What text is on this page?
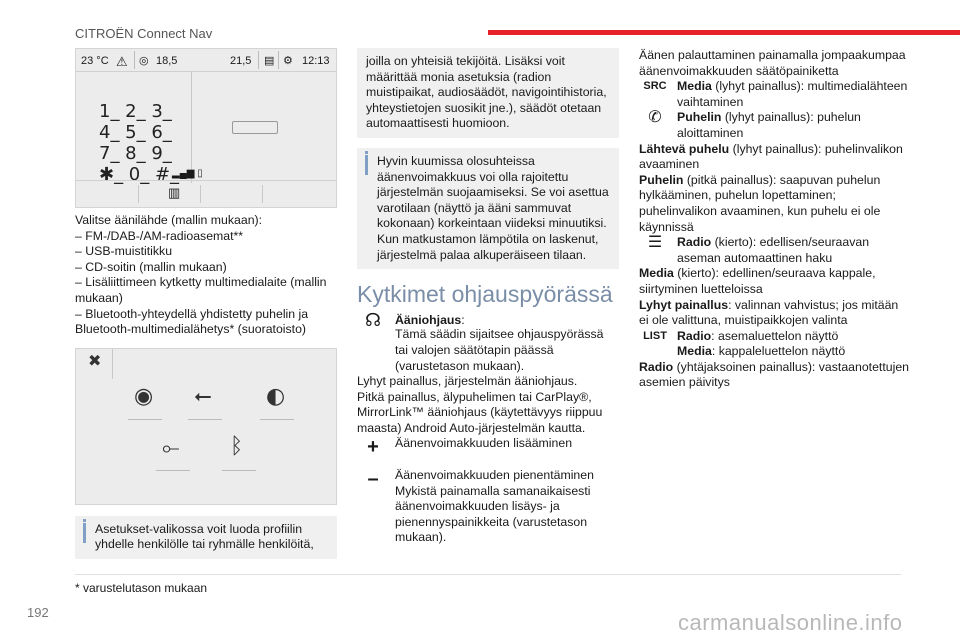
CITROËN Connect Nav
23 °C ⚠ ◎ 18,5	21,5 ▤ ⚙ 12:13
1_ 2_ 3_
4_ 5_ 6_
7_ 8_ 9_
✱_ 0_ #_
▂▄▆ ▯
▥

Valitse äänilähde (mallin mukaan):

– FM-/DAB-/AM-radioasemat**

– USB-muistitikku

– CD-soitin (mallin mukaan)

– Lisäliittimeen kytketty multimedialaite (mallin mukaan)

– Bluetooth-yhteydellä yhdistetty puhelin ja Bluetooth-multimedialähetys* (suoratoisto)

✖
◉ ⭠ ◐
⟜ ᛒ

Asetukset-valikossa voit luoda profiilin yhdelle henkilölle tai ryhmälle henkilöitä,

joilla on yhteisiä tekijöitä. Lisäksi voit määrittää monia asetuksia (radion muistipaikat, audiosäädöt, navigointihistoria, yhteystietojen suosikit jne.), säädöt otetaan automaattisesti huomioon.

Hyvin kuumissa olosuhteissa äänenvoimakkuus voi olla rajoitettu järjestelmän suojaamiseksi. Se voi asettua varotilaan (näyttö ja ääni sammuvat kokonaan) korkeintaan viideksi minuutiksi. Kun matkustamon lämpötila on laskenut, järjestelmä palaa alkuperäiseen tilaan.

Kytkimet ohjauspyörässä
☊	Ääniohjaus:

Tämä säädin sijaitsee ohjauspyörässä tai valojen säätötapin päässä (varustetason mukaan).

Lyhyt painallus, järjestelmän ääniohjaus.

Pitkä painallus, älypuhelimen tai CarPlay®, MirrorLink™ ääniohjaus (käytettävyys riippuu maasta) Android Auto-järjestelmän kautta.

+	Äänenvoimakkuuden lisääminen
–	Äänenvoimakkuuden pienentäminen

Mykistä painamalla samanaikaisesti äänenvoimakkuuden lisäys- ja pienennyspainikkeita (varustetason mukaan).

Äänen palauttaminen painamalla jompaakumpaa äänenvoimakkuuden säätöpainiketta

SRC Media (lyhyt painallus): multimedialähteen vaihtaminen
✆	Puhelin (lyhyt painallus): puhelun aloittaminen

Lähtevä puhelu (lyhyt painallus): puhelinvalikon avaaminen

Puhelin (pitkä painallus): saapuvan puhelun hylkääminen, puhelun lopettaminen; puhelinvalikon avaaminen, kun puhelu ei ole käynnissä

☰	Radio (kierto): edellisen/seuraavan aseman automaattinen haku

Media (kierto): edellinen/seuraava kappale, siirtyminen luetteloissa

Lyhyt painallus: valinnan vahvistus; jos mitään ei ole valittuna, muistipaikkojen valinta

LIST Radio: asemaluettelon näyttö
Media: kappaleluettelon näyttö

Radio (yhtäjaksoinen painallus): vastaanotettujen asemien päivitys

* varustelutason mukaan
192	carmanualsonline.info
